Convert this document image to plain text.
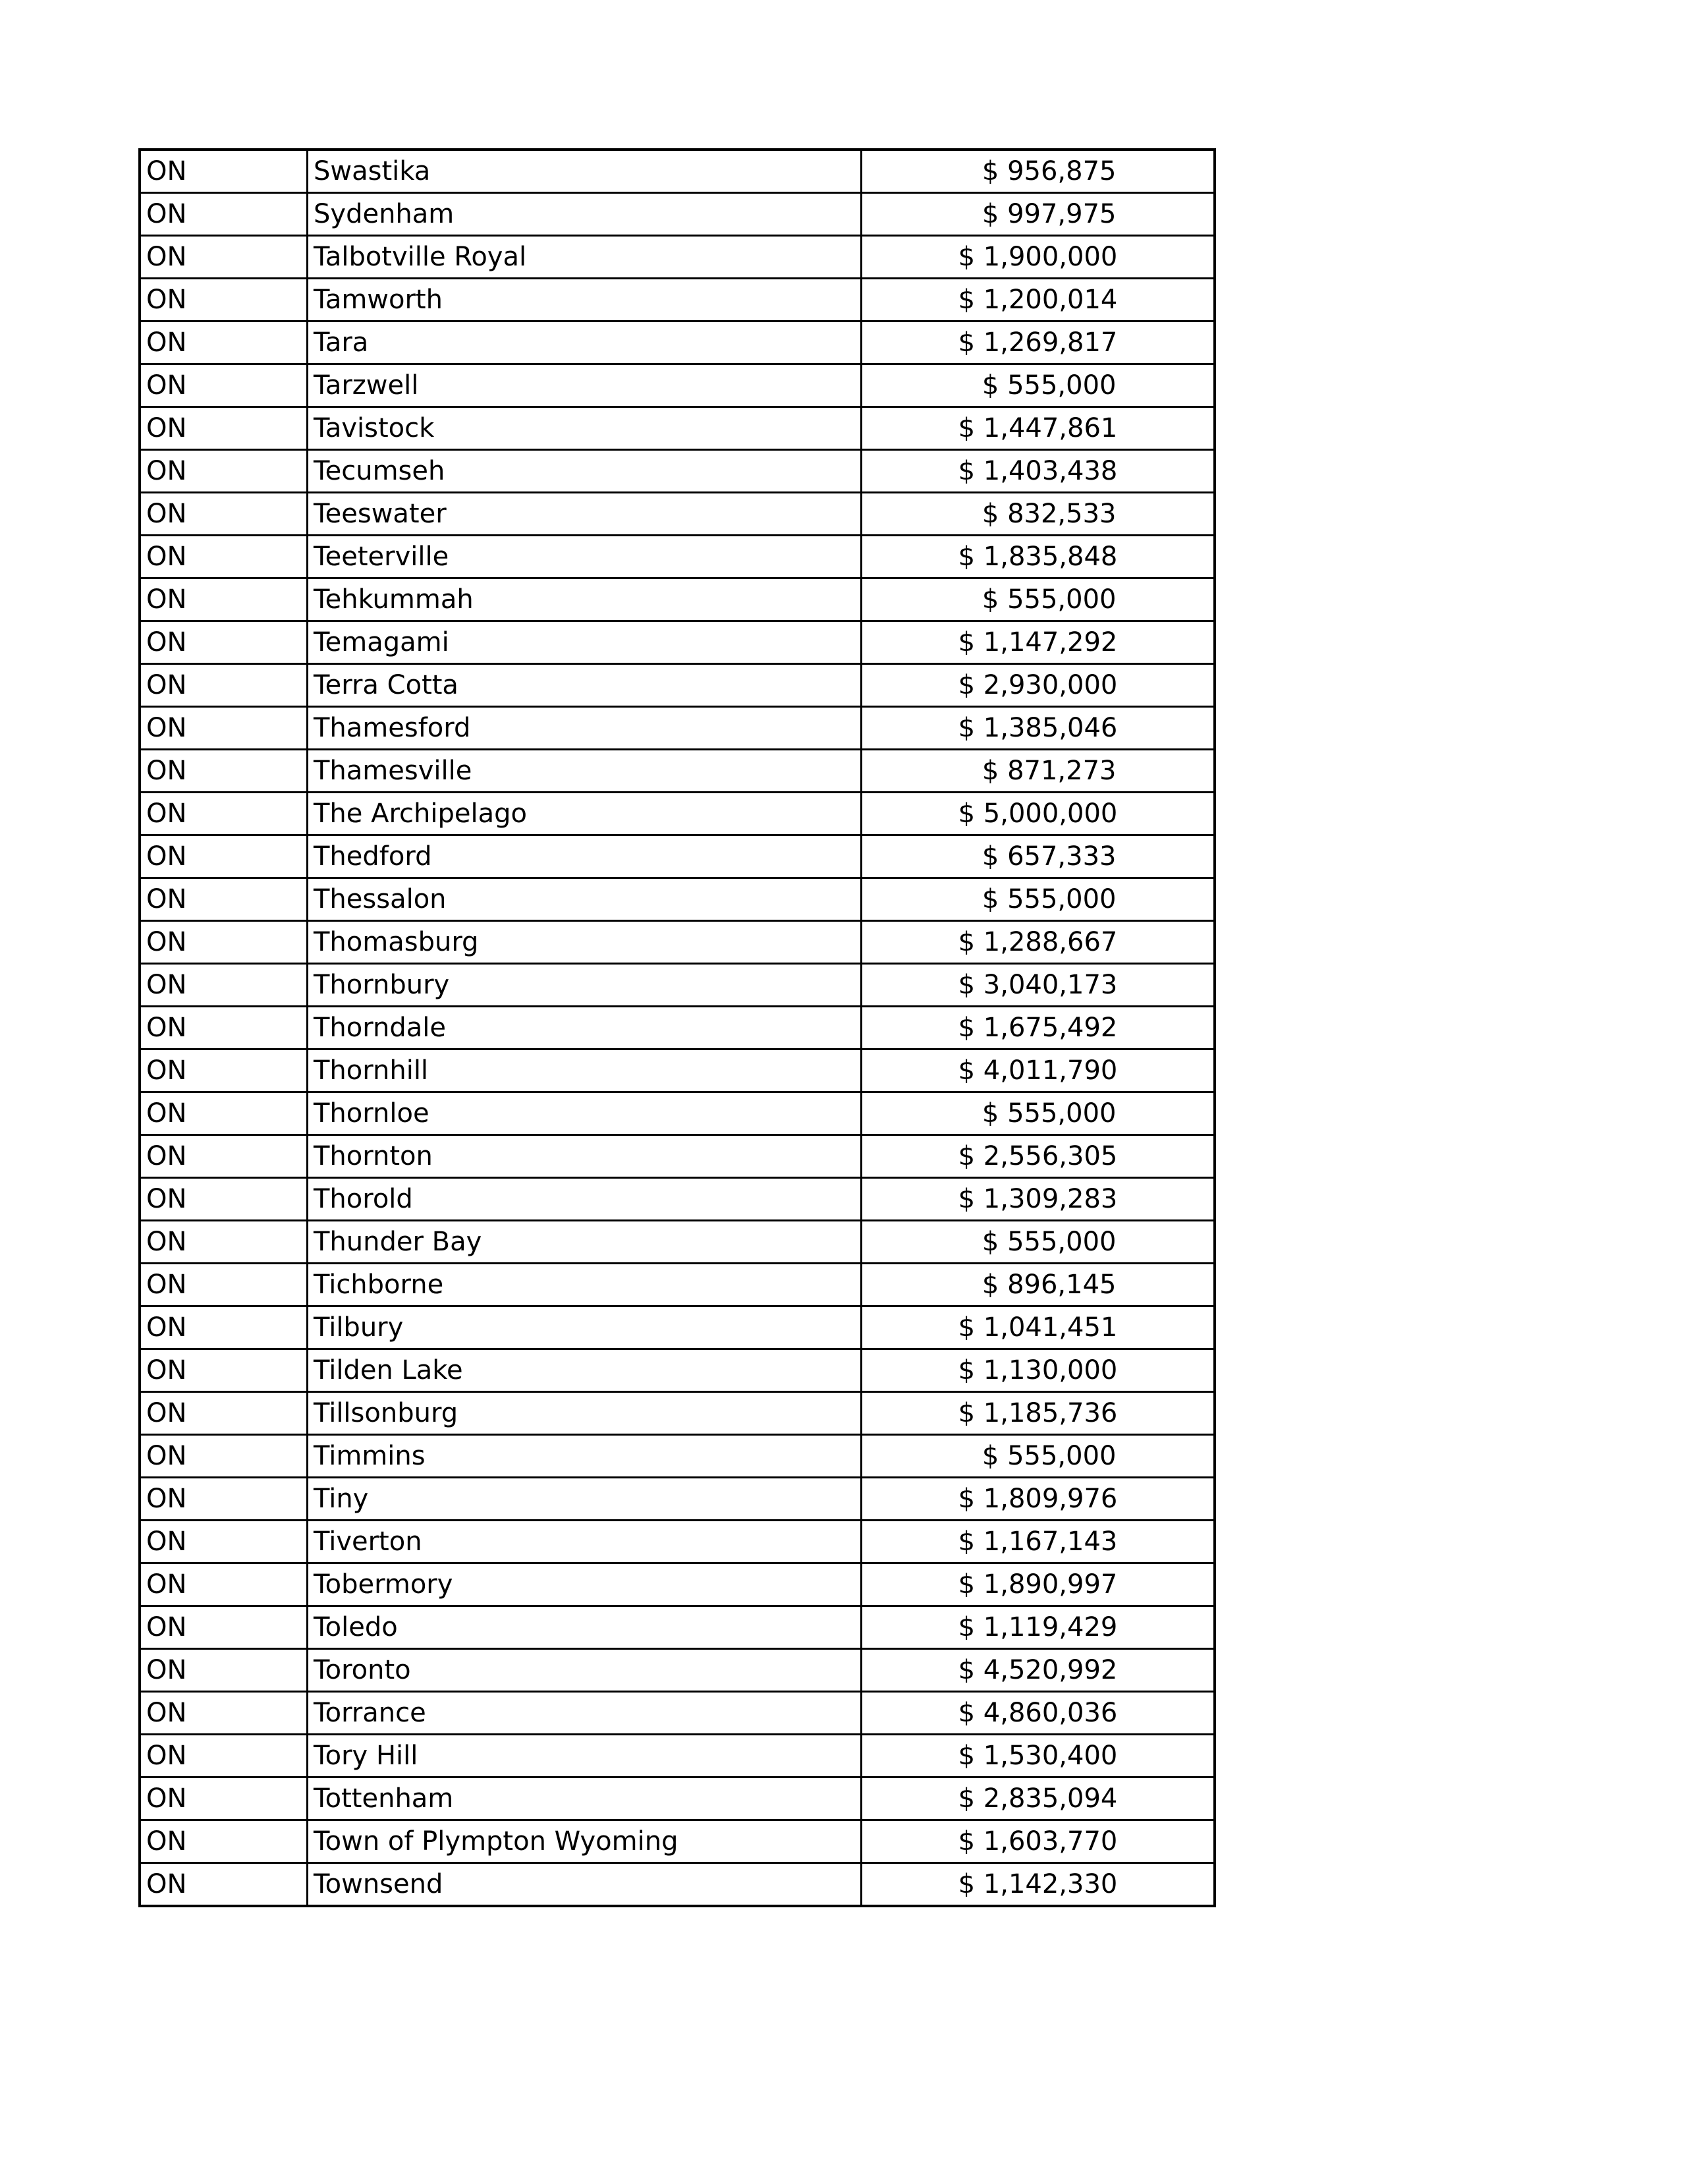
ON	Swastika	$ 956,875

ON	Sydenham	$ 997,975

ON	Talbotville Royal	$ 1,900,000

ON	Tamworth	$ 1,200,014

ON	Tara	$ 1,269,817

ON	Tarzwell	$ 555,000

ON	Tavistock	$ 1,447,861

ON	Tecumseh	$ 1,403,438

ON	Teeswater	$ 832,533

ON	Teeterville	$ 1,835,848

ON	Tehkummah	$ 555,000

ON	Temagami	$ 1,147,292

ON	Terra Cotta	$ 2,930,000

ON	Thamesford	$ 1,385,046

ON	Thamesville	$ 871,273

ON	The Archipelago	$ 5,000,000

ON	Thedford	$ 657,333

ON	Thessalon	$ 555,000

ON	Thomasburg	$ 1,288,667

ON	Thornbury	$ 3,040,173

ON	Thorndale	$ 1,675,492

ON	Thornhill	$ 4,011,790

ON	Thornloe	$ 555,000

ON	Thornton	$ 2,556,305

ON	Thorold	$ 1,309,283

ON	Thunder Bay	$ 555,000

ON	Tichborne	$ 896,145

ON	Tilbury	$ 1,041,451

ON	Tilden Lake	$ 1,130,000

ON	Tillsonburg	$ 1,185,736

ON	Timmins	$ 555,000

ON	Tiny	$ 1,809,976

ON	Tiverton	$ 1,167,143

ON	Tobermory	$ 1,890,997

ON	Toledo	$ 1,119,429

ON	Toronto	$ 4,520,992

ON	Torrance	$ 4,860,036

ON	Tory Hill	$ 1,530,400

ON	Tottenham	$ 2,835,094

ON	Town of Plympton Wyoming	$ 1,603,770

ON	Townsend	$ 1,142,330
